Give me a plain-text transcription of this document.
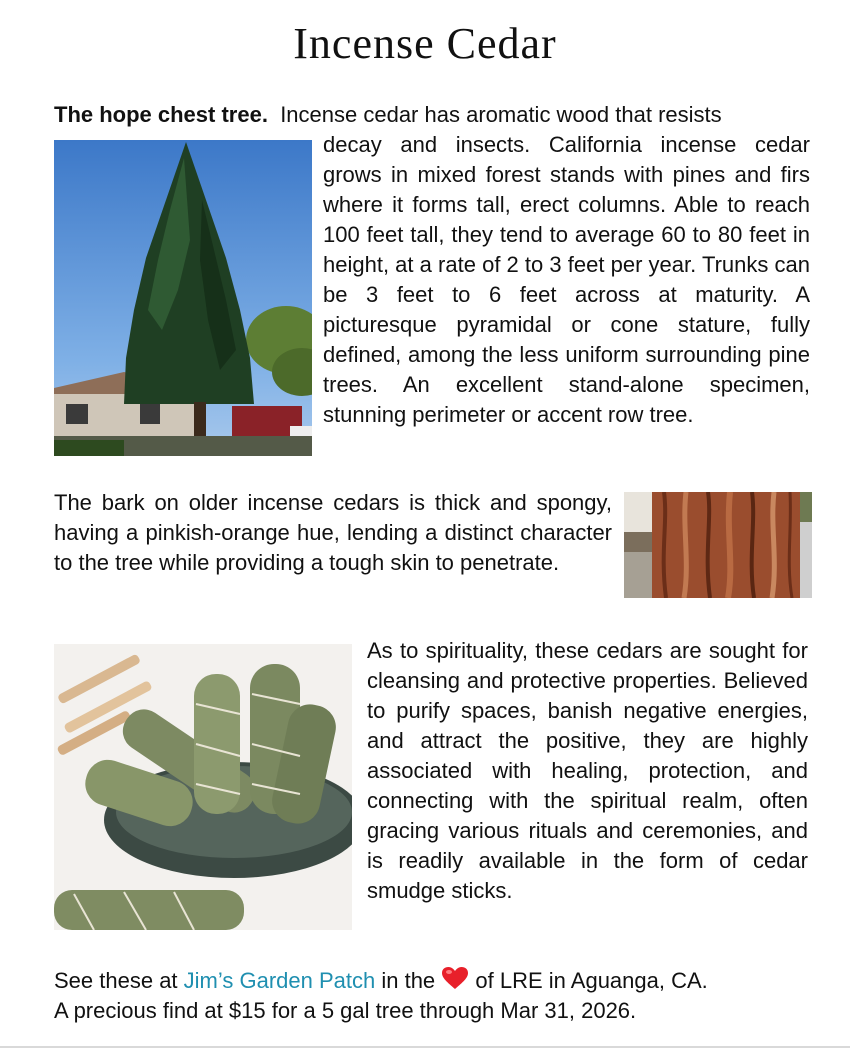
Incense Cedar
The hope chest tree. Incense cedar has aromatic wood that resists
decay and insects. California incense cedar grows in mixed forest stands with pines and firs where it forms tall, erect columns. Able to reach 100 feet tall, they tend to average 60 to 80 feet in height, at a rate of 2 to 3 feet per year. Trunks can be 3 feet to 6 feet across at maturity. A picturesque pyramidal or cone stature, fully defined, among the less uniform surrounding pine trees. An excellent stand-alone specimen, stunning perimeter or accent row tree.
The bark on older incense cedars is thick and spongy, having a pinkish-orange hue, lending a distinct character to the tree while providing a tough skin to penetrate.
As to spirituality, these cedars are sought for cleansing and protective properties. Believed to purify spaces, banish negative energies, and attract the positive, they are highly associated with healing, protection, and connecting with the spiritual realm, often gracing various rituals and ceremonies, and is readily available in the form of cedar smudge sticks.
See these at Jim’s Garden Patch in the
of LRE in Aguanga, CA.
A precious find at $15 for a 5 gal tree through Mar 31, 2026.
